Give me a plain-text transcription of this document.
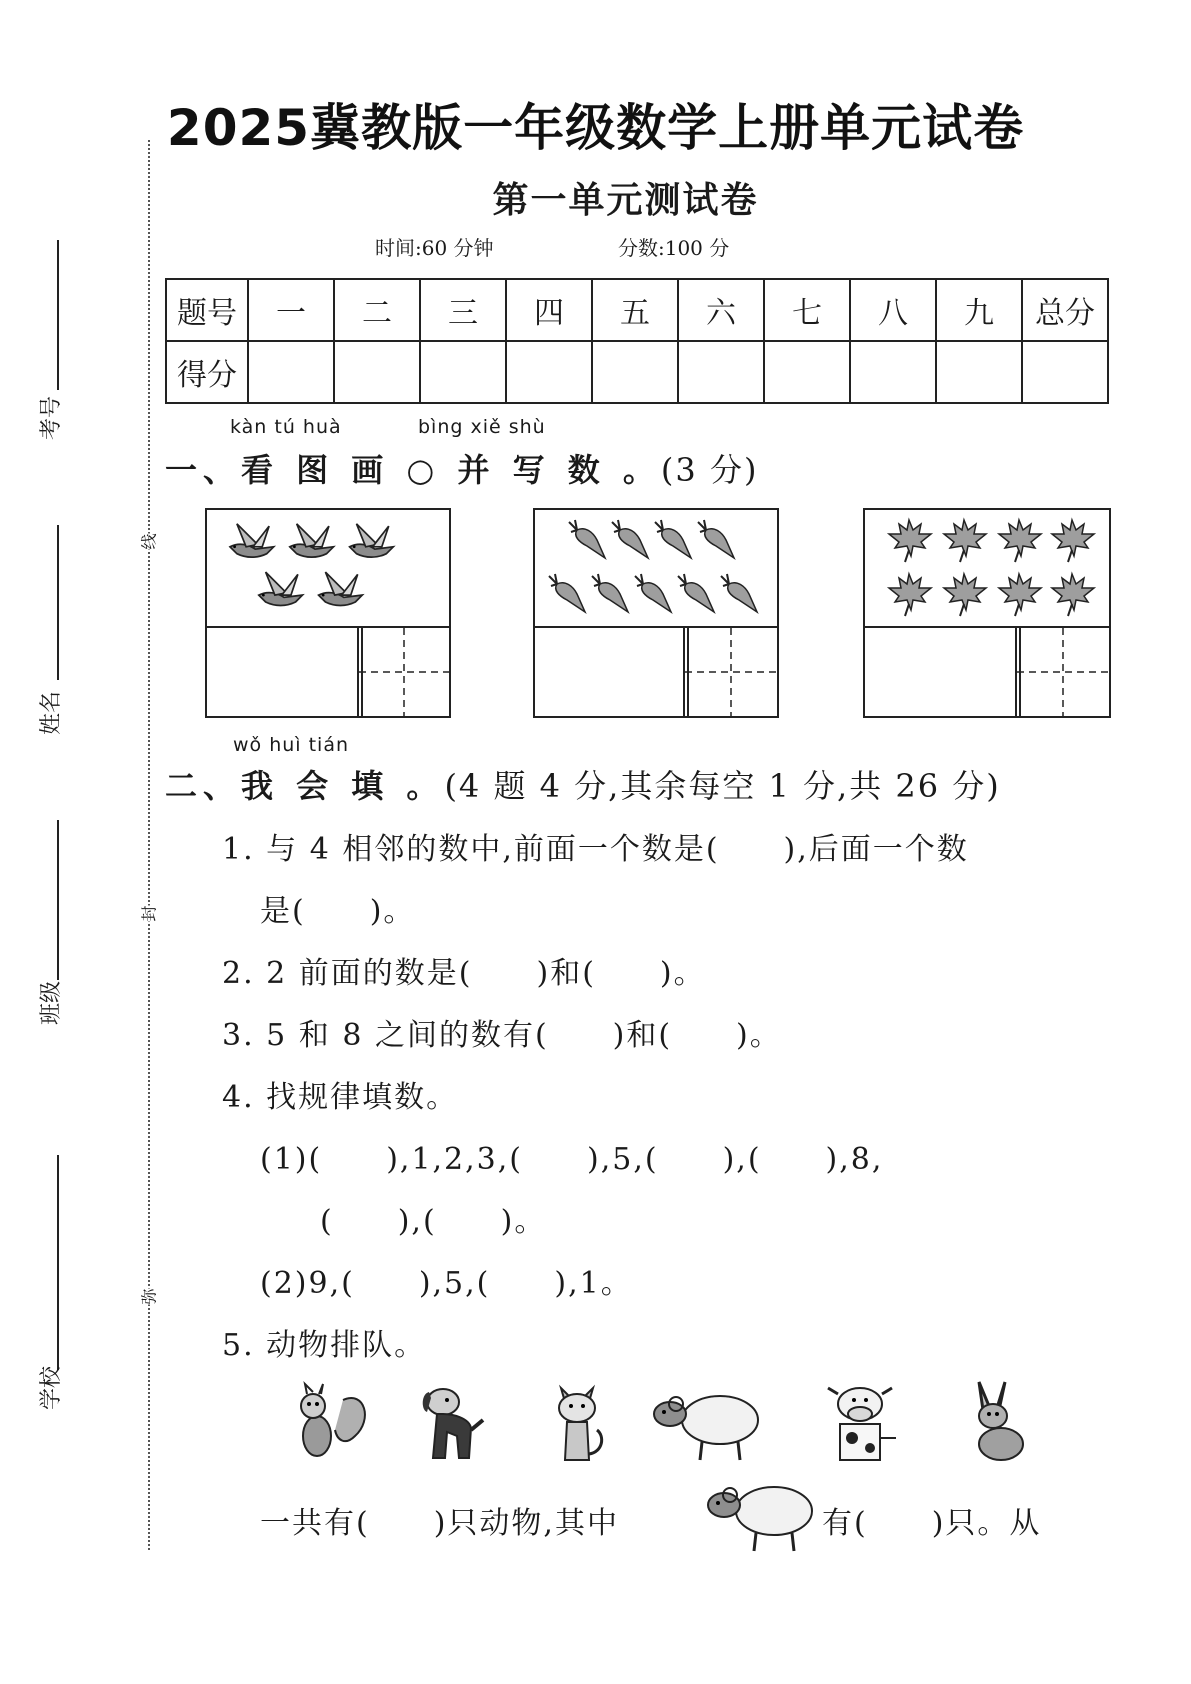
2025冀教版一年级数学上册单元试卷
第一单元测试卷
时间:60 分钟	分数:100 分
考号
姓名
班级
学校
线
封
弥
题号	一	二	三	四	五	六	七	八	九	总分
得分										
kàn tú huà	bìng xiě shù
一、看 图 画 ○ 并 写 数 。(3 分)
wǒ huì tián
二、我 会 填 。(4 题 4 分,其余每空 1 分,共 26 分)
1. 与 4 相邻的数中,前面一个数是(　　),后面一个数
是(　　)。
2. 2 前面的数是(　　)和(　　)。
3. 5 和 8 之间的数有(　　)和(　　)。
4. 找规律填数。
(1)(　　),1,2,3,(　　),5,(　　),(　　),8,
(　　),(　　)。
(2)9,(　　),5,(　　),1。
5. 动物排队。
一共有(　　)只动物,其中	有(　　)只。从
